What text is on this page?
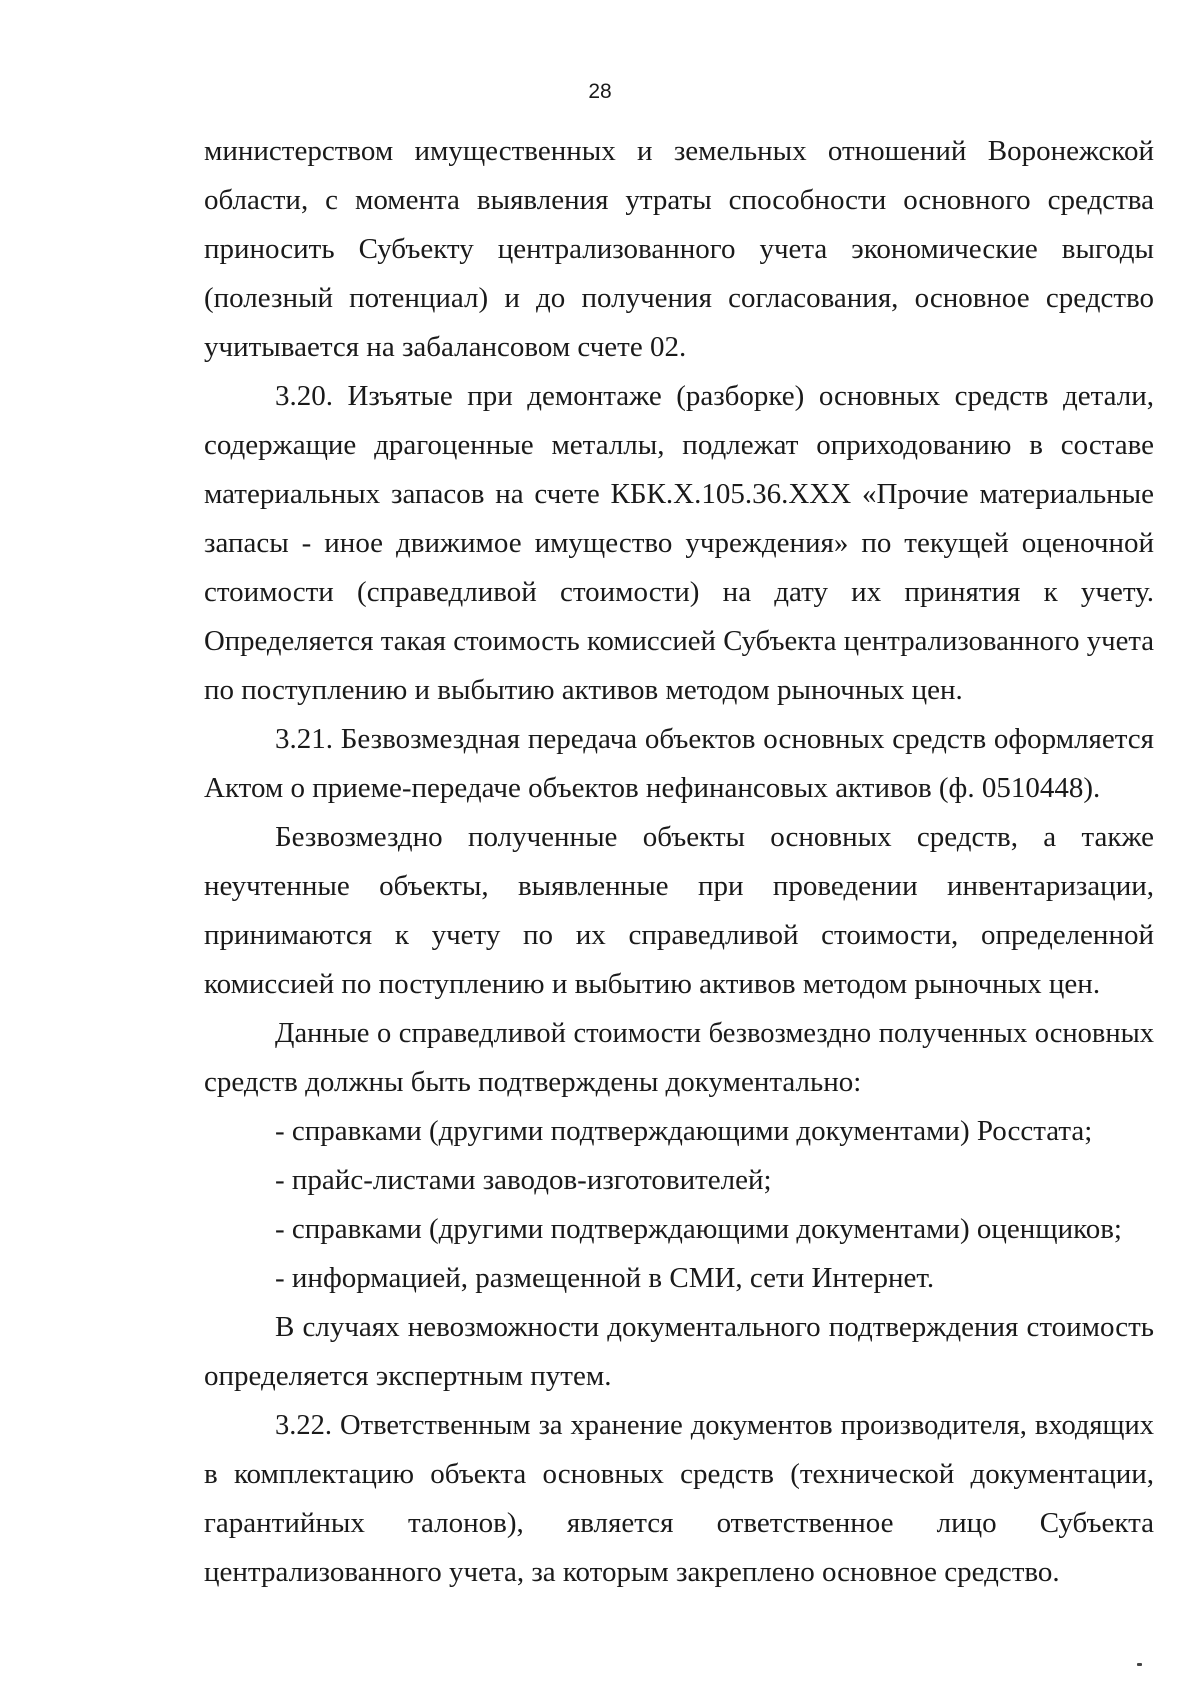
28
министерством имущественных и земельных отношений Воронежской
области, с момента выявления утраты способности основного средства
приносить Субъекту централизованного учета экономические выгоды
(полезный потенциал) и до получения согласования, основное средство
учитывается на забалансовом счете 02.
3.20. Изъятые при демонтаже (разборке) основных средств детали,
содержащие драгоценные металлы, подлежат оприходованию в составе
материальных запасов на счете КБК.Х.105.36.ХХХ «Прочие материальные
запасы - иное движимое имущество учреждения» по текущей оценочной
стоимости (справедливой стоимости) на дату их принятия к учету.
Определяется такая стоимость комиссией Субъекта централизованного учета
по поступлению и выбытию активов методом рыночных цен.
3.21. Безвозмездная передача объектов основных средств оформляется
Актом о приеме-передаче объектов нефинансовых активов (ф. 0510448).
Безвозмездно полученные объекты основных средств, а также
неучтенные объекты, выявленные при проведении инвентаризации,
принимаются к учету по их справедливой стоимости, определенной
комиссией по поступлению и выбытию активов методом рыночных цен.
Данные о справедливой стоимости безвозмездно полученных основных
средств должны быть подтверждены документально:
- справками (другими подтверждающими документами) Росстата;
- прайс-листами заводов-изготовителей;
- справками (другими подтверждающими документами) оценщиков;
- информацией, размещенной в СМИ, сети Интернет.
В случаях невозможности документального подтверждения стоимость
определяется экспертным путем.
3.22. Ответственным за хранение документов производителя, входящих
в комплектацию объекта основных средств (технической документации,
гарантийных талонов), является ответственное лицо Субъекта
централизованного учета, за которым закреплено основное средство.
